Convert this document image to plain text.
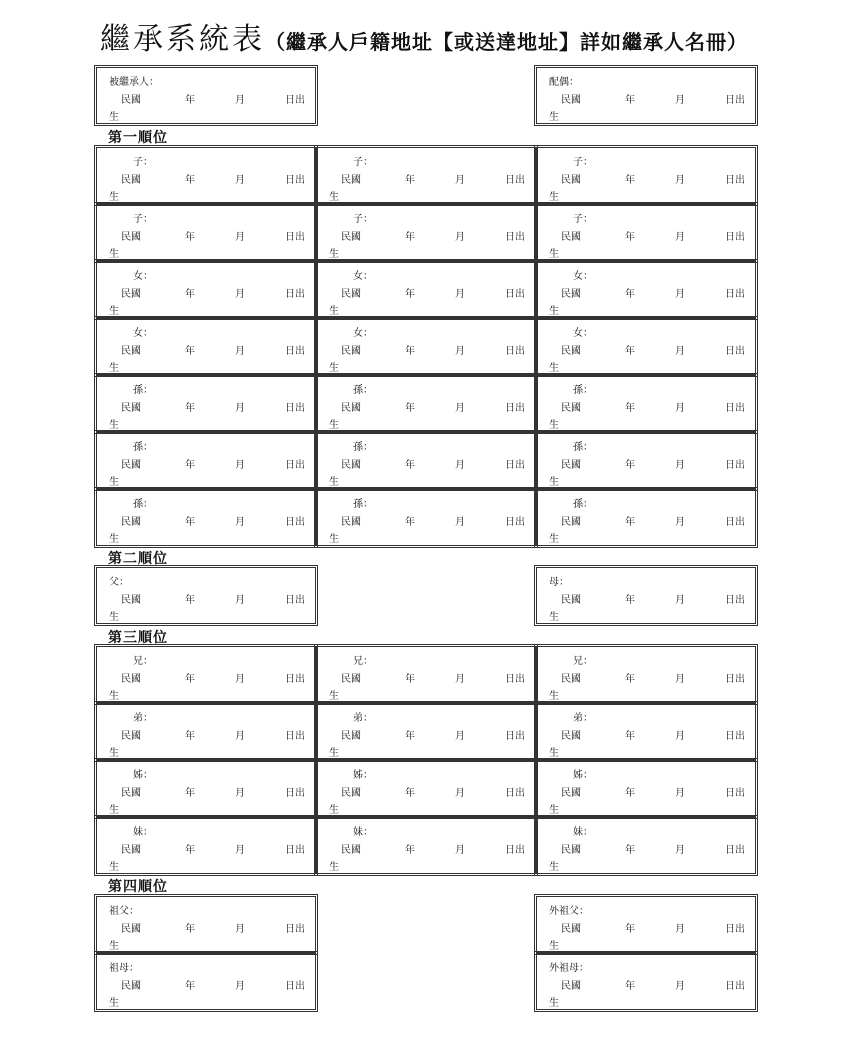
繼承系統表（繼承人戶籍地址【或送達地址】詳如繼承人名冊）
被繼承人：
民國	年	月	日出
生
配偶：
民國	年	月	日出
生
第一順位
子：
民國	年	月	日出
生
子：
民國	年	月	日出
生
子：
民國	年	月	日出
生
子：
民國	年	月	日出
生
子：
民國	年	月	日出
生
子：
民國	年	月	日出
生
女：
民國	年	月	日出
生
女：
民國	年	月	日出
生
女：
民國	年	月	日出
生
女：
民國	年	月	日出
生
女：
民國	年	月	日出
生
女：
民國	年	月	日出
生
孫：
民國	年	月	日出
生
孫：
民國	年	月	日出
生
孫：
民國	年	月	日出
生
孫：
民國	年	月	日出
生
孫：
民國	年	月	日出
生
孫：
民國	年	月	日出
生
孫：
民國	年	月	日出
生
孫：
民國	年	月	日出
生
孫：
民國	年	月	日出
生
第二順位
父：
民國	年	月	日出
生
母：
民國	年	月	日出
生
第三順位
兄：
民國	年	月	日出
生
兄：
民國	年	月	日出
生
兄：
民國	年	月	日出
生
弟：
民國	年	月	日出
生
弟：
民國	年	月	日出
生
弟：
民國	年	月	日出
生
姊：
民國	年	月	日出
生
姊：
民國	年	月	日出
生
姊：
民國	年	月	日出
生
妹：
民國	年	月	日出
生
妹：
民國	年	月	日出
生
妹：
民國	年	月	日出
生
第四順位
祖父：
民國	年	月	日出
生
外祖父：
民國	年	月	日出
生
祖母：
民國	年	月	日出
生
外祖母：
民國	年	月	日出
生
